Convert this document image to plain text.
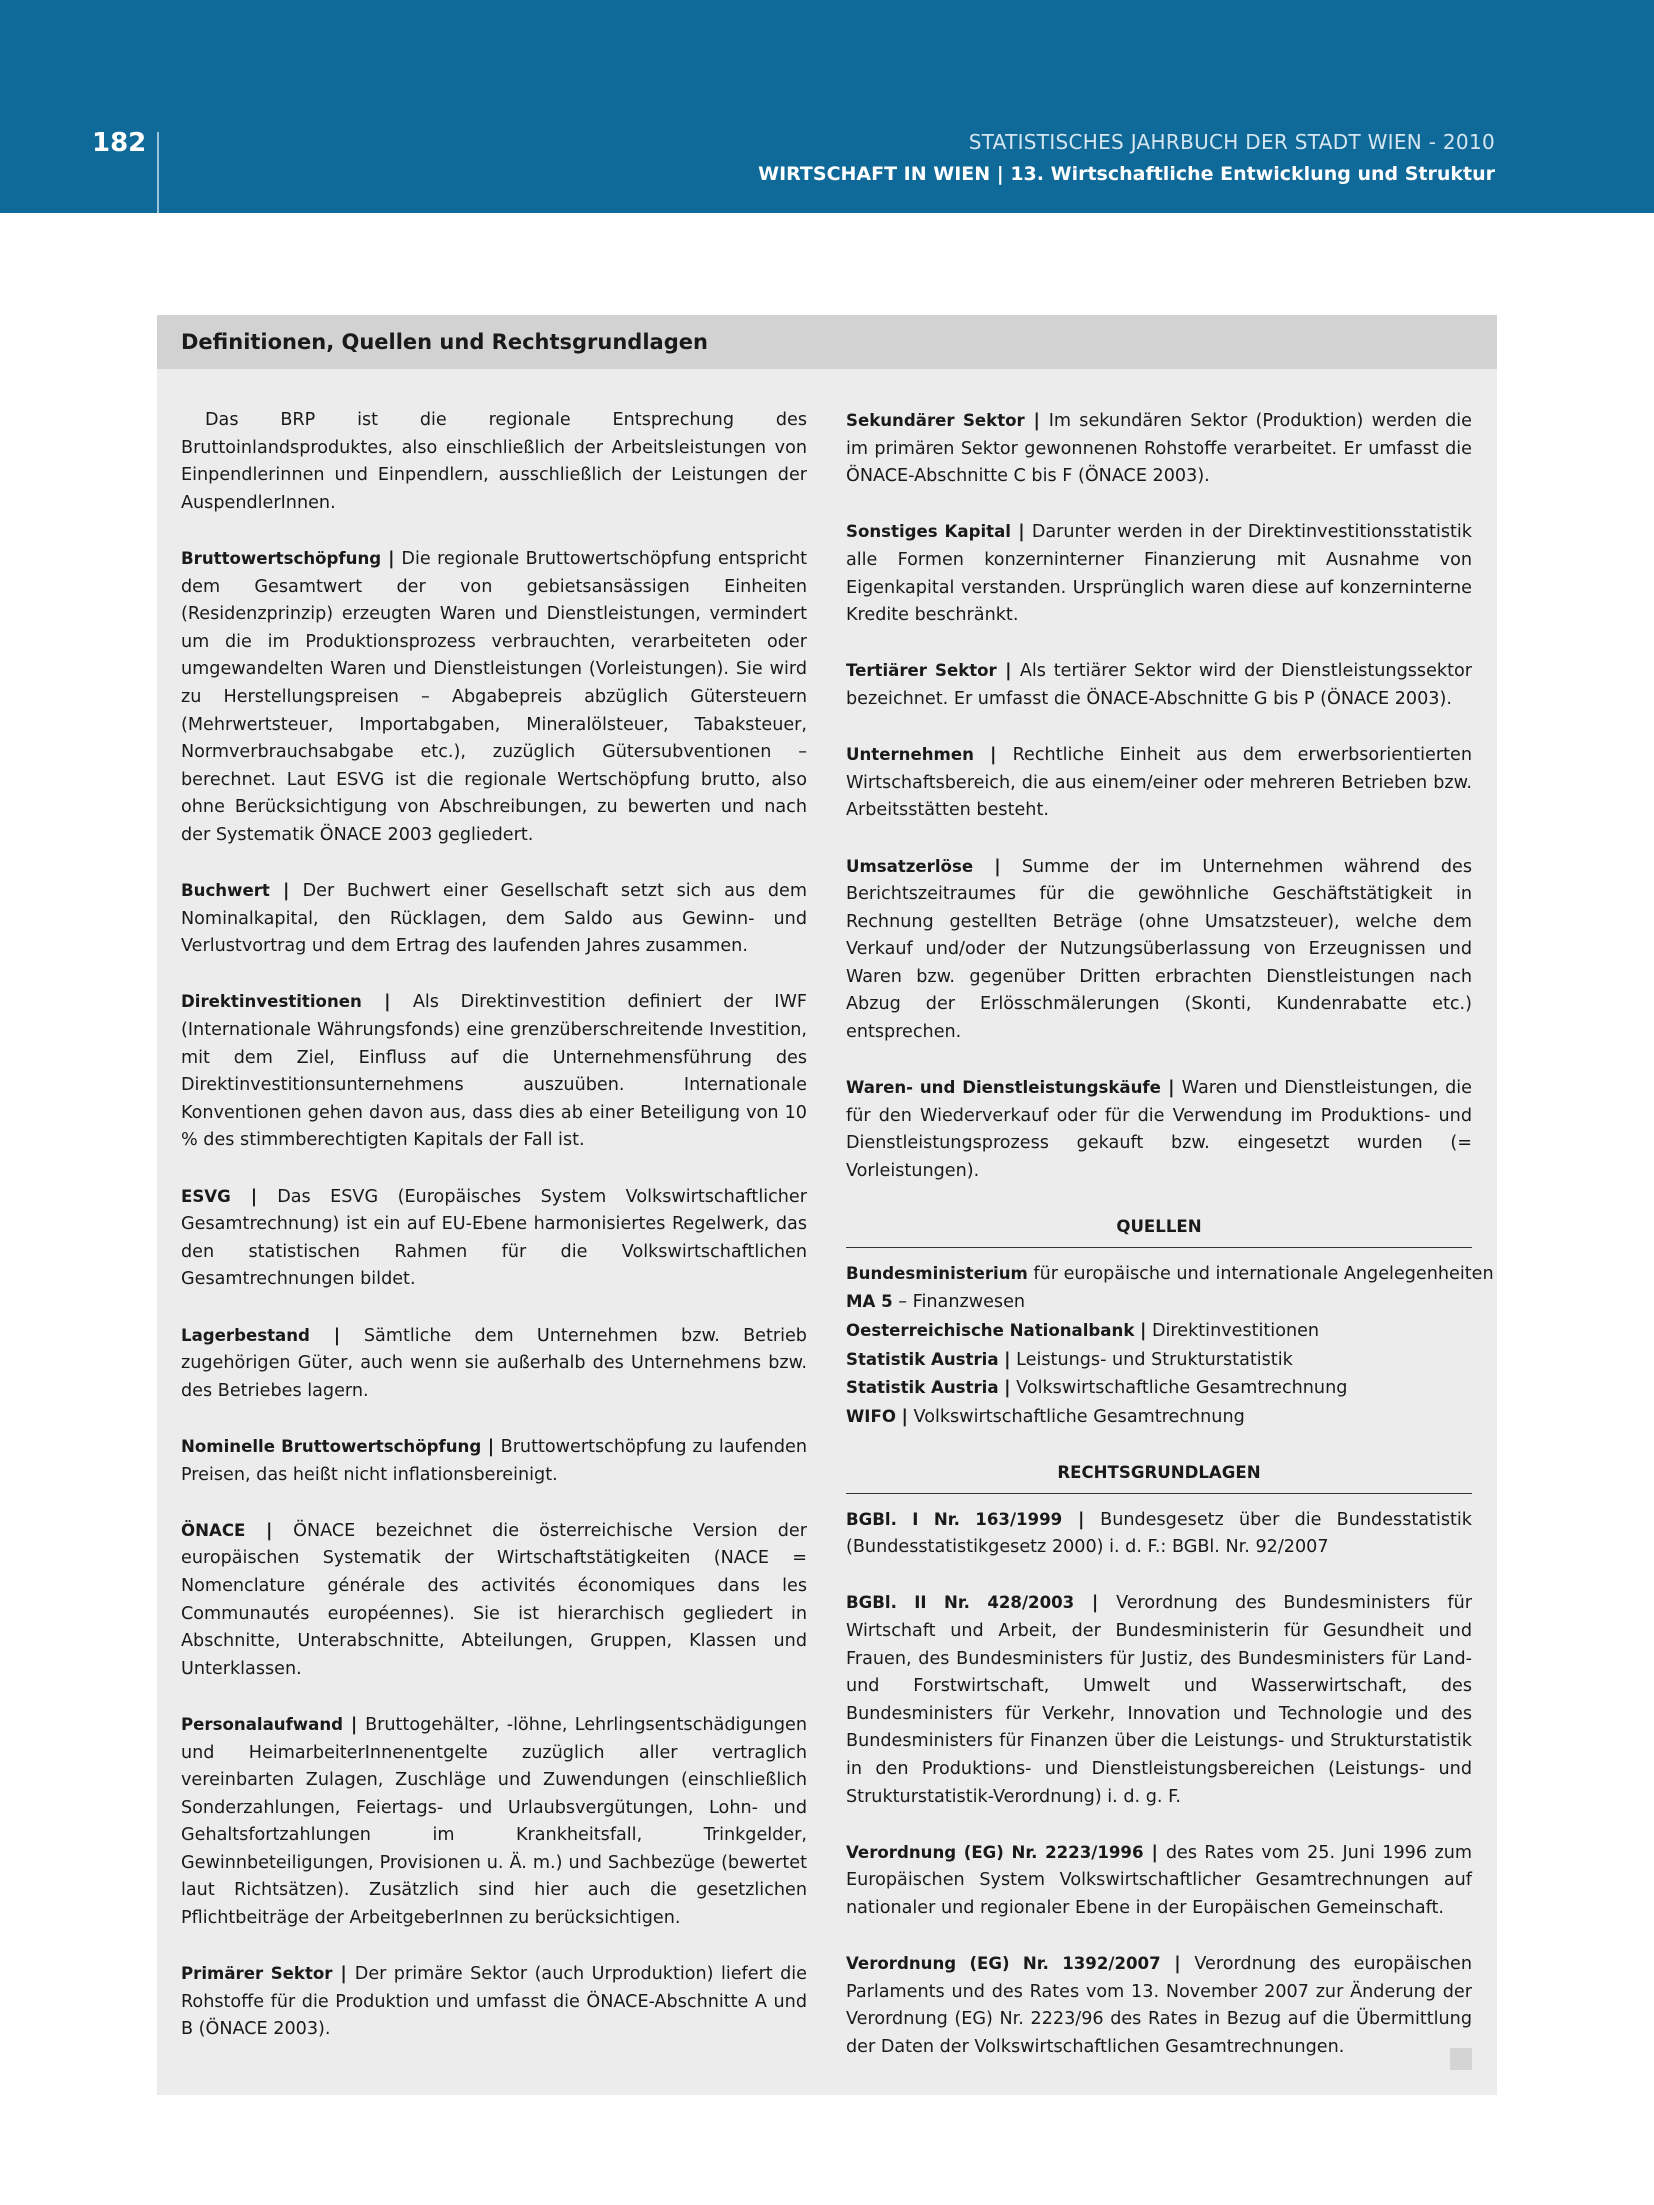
182	STATISTISCHES JAHRBUCH DER STADT WIEN - 2010
WIRTSCHAFT IN WIEN | 13. Wirtschaftliche Entwicklung und Struktur
Definitionen, Quellen und Rechtsgrundlagen

Das BRP ist die regionale Entsprechung des Bruttoinlandsproduktes, also einschließlich der Arbeitsleistungen von Einpendlerinnen und Einpendlern, ausschließlich der Leistungen der AuspendlerInnen.

Bruttowertschöpfung | Die regionale Bruttowertschöpfung entspricht dem Gesamtwert der von gebietsansässigen Einheiten (Residenzprinzip) erzeugten Waren und Dienstleistungen, vermindert um die im Produktionsprozess verbrauchten, verarbeiteten oder umgewandelten Waren und Dienstleistungen (Vorleistungen). Sie wird zu Herstellungspreisen – Abgabepreis abzüglich Gütersteuern (Mehrwertsteuer, Importabgaben, Mineralölsteuer, Tabaksteuer, Normverbrauchsabgabe etc.), zuzüglich Gütersubventionen – berechnet. Laut ESVG ist die regionale Wertschöpfung brutto, also ohne Berücksichtigung von Abschreibungen, zu bewerten und nach der Systematik ÖNACE 2003 gegliedert.

Buchwert | Der Buchwert einer Gesellschaft setzt sich aus dem Nominalkapital, den Rücklagen, dem Saldo aus Gewinn- und Verlustvortrag und dem Ertrag des laufenden Jahres zusammen.

Direktinvestitionen | Als Direktinvestition definiert der IWF (Internationale Währungsfonds) eine grenzüberschreitende Investition, mit dem Ziel, Einfluss auf die Unternehmensführung des Direktinvestitionsunternehmens auszuüben. Internationale Konventionen gehen davon aus, dass dies ab einer Beteiligung von 10 % des stimmberechtigten Kapitals der Fall ist.

ESVG | Das ESVG (Europäisches System Volkswirtschaftlicher Gesamtrechnung) ist ein auf EU-Ebene harmonisiertes Regelwerk, das den statistischen Rahmen für die Volkswirtschaftlichen Gesamtrechnungen bildet.

Lagerbestand | Sämtliche dem Unternehmen bzw. Betrieb zugehörigen Güter, auch wenn sie außerhalb des Unternehmens bzw. des Betriebes lagern.

Nominelle Bruttowertschöpfung | Bruttowertschöpfung zu laufenden Preisen, das heißt nicht inflationsbereinigt.

ÖNACE | ÖNACE bezeichnet die österreichische Version der europäischen Systematik der Wirtschaftstätigkeiten (NACE = Nomenclature générale des activités économiques dans les Communautés européennes). Sie ist hierarchisch gegliedert in Abschnitte, Unterabschnitte, Abteilungen, Gruppen, Klassen und Unterklassen.

Personalaufwand | Bruttogehälter, -löhne, Lehrlingsentschädigungen und HeimarbeiterInnenentgelte zuzüglich aller vertraglich vereinbarten Zulagen, Zuschläge und Zuwendungen (einschließlich Sonderzahlungen, Feiertags- und Urlaubsvergütungen, Lohn- und Gehaltsfortzahlungen im Krankheitsfall, Trinkgelder, Gewinnbeteiligungen, Provisionen u. Ä. m.) und Sachbezüge (bewertet laut Richtsätzen). Zusätzlich sind hier auch die gesetzlichen Pflichtbeiträge der ArbeitgeberInnen zu berücksichtigen.

Primärer Sektor | Der primäre Sektor (auch Urproduktion) liefert die Rohstoffe für die Produktion und umfasst die ÖNACE-Abschnitte A und B (ÖNACE 2003).

Sekundärer Sektor | Im sekundären Sektor (Produktion) werden die im primären Sektor gewonnenen Rohstoffe verarbeitet. Er umfasst die ÖNACE-Abschnitte C bis F (ÖNACE 2003).

Sonstiges Kapital | Darunter werden in der Direktinvestitionsstatistik alle Formen konzerninterner Finanzierung mit Ausnahme von Eigenkapital verstanden. Ursprünglich waren diese auf konzerninterne Kredite beschränkt.

Tertiärer Sektor | Als tertiärer Sektor wird der Dienstleistungssektor bezeichnet. Er umfasst die ÖNACE-Abschnitte G bis P (ÖNACE 2003).

Unternehmen | Rechtliche Einheit aus dem erwerbsorientierten Wirtschaftsbereich, die aus einem/einer oder mehreren Betrieben bzw. Arbeitsstätten besteht.

Umsatzerlöse | Summe der im Unternehmen während des Berichtszeitraumes für die gewöhnliche Geschäftstätigkeit in Rechnung gestellten Beträge (ohne Umsatzsteuer), welche dem Verkauf und/oder der Nutzungsüberlassung von Erzeugnissen und Waren bzw. gegenüber Dritten erbrachten Dienstleistungen nach Abzug der Erlösschmälerungen (Skonti, Kundenrabatte etc.) entsprechen.

Waren- und Dienstleistungskäufe | Waren und Dienstleistungen, die für den Wiederverkauf oder für die Verwendung im Produktions- und Dienstleistungsprozess gekauft bzw. eingesetzt wurden (= Vorleistungen).

QUELLEN
Bundesministerium für europäische und internationale Angelegenheiten
MA 5 – Finanzwesen
Oesterreichische Nationalbank | Direktinvestitionen
Statistik Austria | Leistungs- und Strukturstatistik
Statistik Austria | Volkswirtschaftliche Gesamtrechnung
WIFO | Volkswirtschaftliche Gesamtrechnung
RECHTSGRUNDLAGEN

BGBl. I Nr. 163/1999 | Bundesgesetz über die Bundesstatistik (Bundesstatistikgesetz 2000) i. d. F.: BGBl. Nr. 92/2007

BGBl. II Nr. 428/2003 | Verordnung des Bundesministers für Wirtschaft und Arbeit, der Bundesministerin für Gesundheit und Frauen, des Bundesministers für Justiz, des Bundesministers für Land- und Forstwirtschaft, Umwelt und Wasserwirtschaft, des Bundesministers für Verkehr, Innovation und Technologie und des Bundesministers für Finanzen über die Leistungs- und Strukturstatistik in den Produktions- und Dienstleistungsbereichen (Leistungs- und Strukturstatistik-Verordnung) i. d. g. F.

Verordnung (EG) Nr. 2223/1996 | des Rates vom 25. Juni 1996 zum Europäischen System Volkswirtschaftlicher Gesamtrechnungen auf nationaler und regionaler Ebene in der Europäischen Gemeinschaft.

Verordnung (EG) Nr. 1392/2007 | Verordnung des europäischen Parlaments und des Rates vom 13. November 2007 zur Änderung der Verordnung (EG) Nr. 2223/96 des Rates in Bezug auf die Übermittlung der Daten der Volkswirtschaftlichen Gesamtrechnungen.
